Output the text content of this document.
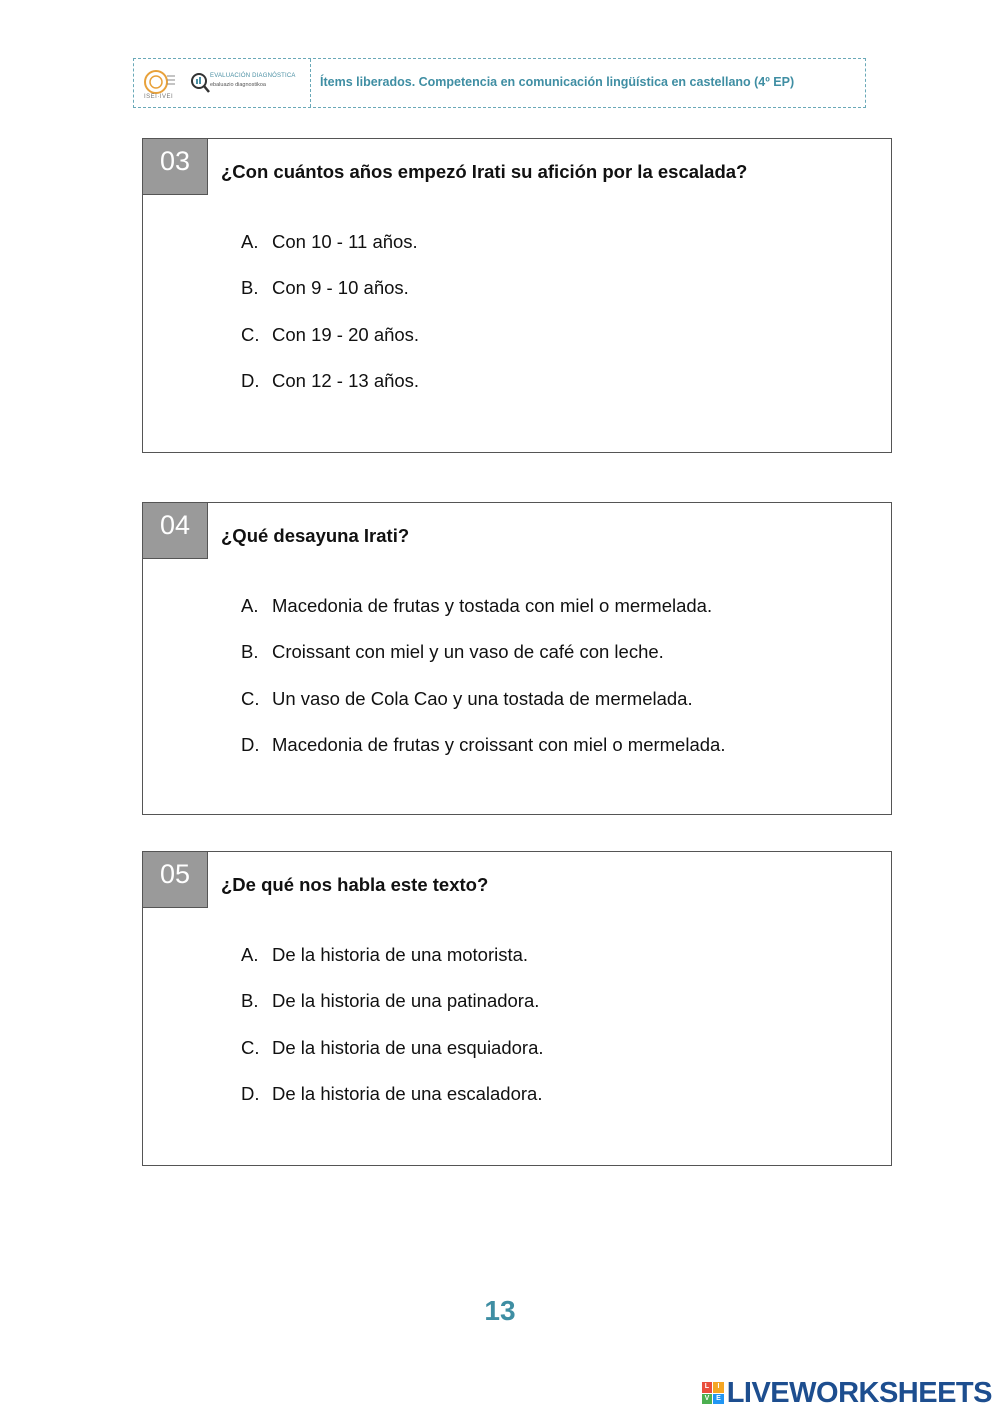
ISEI·IVEI
EVALUACIÓN DIAGNÓSTICA
ebaluazio diagnostikoa	Ítems liberados. Competencia en comunicación lingüística en castellano (4º EP)
03	¿Con cuántos años empezó Irati su afición por la escalada?
A. Con 10 - 11 años.
B. Con 9 - 10 años.
C. Con 19 - 20 años.
D. Con 12 - 13 años.
04	¿Qué desayuna Irati?
A. Macedonia de frutas y tostada con miel o mermelada.
B. Croissant con miel y un vaso de café con leche.
C. Un vaso de Cola Cao y una tostada de mermelada.
D. Macedonia de frutas y croissant con miel o mermelada.
05	¿De qué nos habla este texto?
A. De la historia de una motorista.
B. De la historia de una patinadora.
C. De la historia de una esquiadora.
D. De la historia de una escaladora.
13
L	I
V E LIVEWORKSHEETS
